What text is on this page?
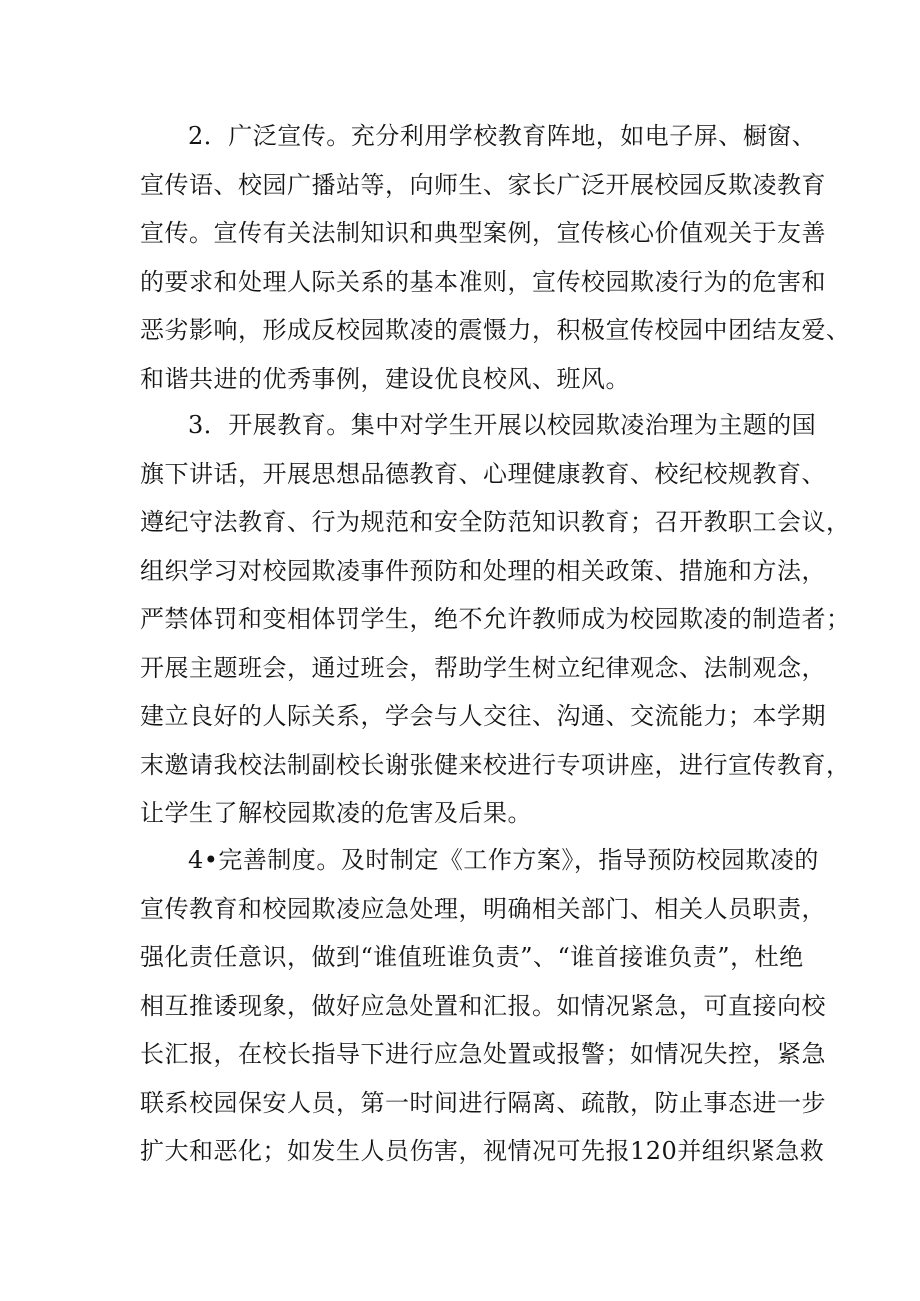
2．广泛宣传。充分利用学校教育阵地，如电子屏、橱窗、
宣传语、校园广播站等，向师生、家长广泛开展校园反欺凌教育
宣传。宣传有关法制知识和典型案例，宣传核心价值观关于友善
的要求和处理人际关系的基本准则，宣传校园欺凌行为的危害和
恶劣影响，形成反校园欺凌的震慑力，积极宣传校园中团结友爱、
和谐共进的优秀事例，建设优良校风、班风。
3．开展教育。集中对学生开展以校园欺凌治理为主题的国
旗下讲话，开展思想品德教育、心理健康教育、校纪校规教育、
遵纪守法教育、行为规范和安全防范知识教育；召开教职工会议，
组织学习对校园欺凌事件预防和处理的相关政策、措施和方法，
严禁体罚和变相体罚学生，绝不允许教师成为校园欺凌的制造者；
开展主题班会，通过班会，帮助学生树立纪律观念、法制观念，
建立良好的人际关系，学会与人交往、沟通、交流能力；本学期
末邀请我校法制副校长谢张健来校进行专项讲座，进行宣传教育，
让学生了解校园欺凌的危害及后果。
4•完善制度。及时制定《工作方案》，指导预防校园欺凌的
宣传教育和校园欺凌应急处理，明确相关部门、相关人员职责，
强化责任意识，做到“谁值班谁负责”、“谁首接谁负责”，杜绝
相互推诿现象，做好应急处置和汇报。如情况紧急，可直接向校
长汇报，在校长指导下进行应急处置或报警；如情况失控，紧急
联系校园保安人员，第一时间进行隔离、疏散，防止事态进一步
扩大和恶化；如发生人员伤害，视情况可先报120并组织紧急救
